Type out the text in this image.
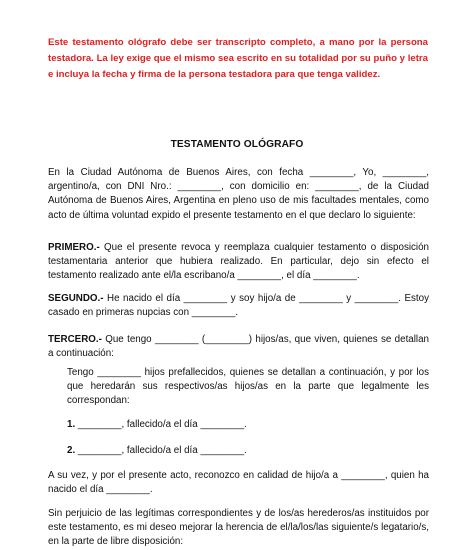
Este testamento ológrafo debe ser transcripto completo, a mano por la persona testadora. La ley exige que el mismo sea escrito en su totalidad por su puño y letra e incluya la fecha y firma de la persona testadora para que tenga validez.
TESTAMENTO OLÓGRAFO

En la Ciudad Autónoma de Buenos Aires, con fecha ________, Yo, ________, argentino/a, con DNI Nro.: ________, con domicilio en: ________, de la Ciudad Autónoma de Buenos Aires, Argentina en pleno uso de mis facultades mentales, como acto de última voluntad expido el presente testamento en el que declaro lo siguiente:

PRIMERO.- Que el presente revoca y reemplaza cualquier testamento o disposición testamentaria anterior que hubiera realizado. En particular, dejo sin efecto el testamento realizado ante el/la escribano/a ________, el día ________.

SEGUNDO.- He nacido el día ________ y soy hijo/a de ________ y ________. Estoy casado en primeras nupcias con ________.

TERCERO.- Que tengo ________ (________) hijos/as, que viven, quienes se detallan a continuación:

Tengo ________ hijos prefallecidos, quienes se detallan a continuación, y por los que heredarán sus respectivos/as hijos/as en la parte que legalmente les correspondan:

1. ________, fallecido/a el día ________.

2. ________, fallecido/a el día ________.

A su vez, y por el presente acto, reconozco en calidad de hijo/a a ________, quien ha nacido el día ________.

Sin perjuicio de las legítimas correspondientes y de los/as herederos/as instituidos por este testamento, es mi deseo mejorar la herencia de el/la/los/las siguiente/s legatario/s, en la parte de libre disposición:
